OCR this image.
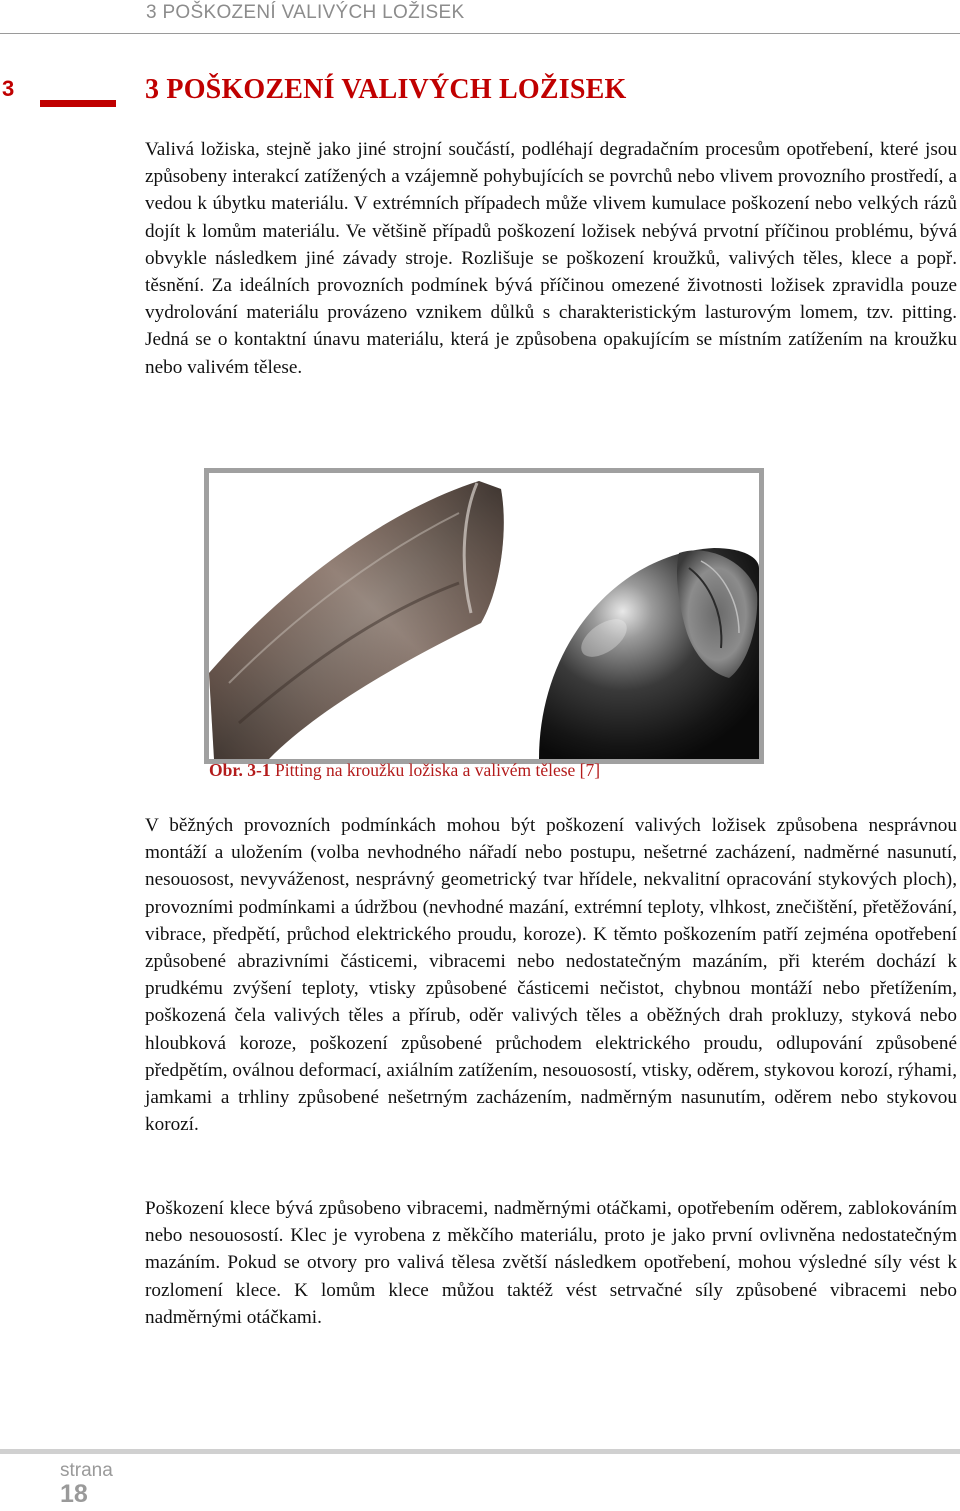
3 POŠKOZENÍ VALIVÝCH LOŽISEK
3	3 POŠKOZENÍ VALIVÝCH LOŽISEK

Valivá ložiska, stejně jako jiné strojní součástí, podléhají degradačním procesům opotřebení, které jsou způsobeny interakcí zatížených a vzájemně pohybujících se povrchů nebo vlivem provozního prostředí, a vedou k úbytku materiálu. V extrémních případech může vlivem kumulace poškození nebo velkých rázů dojít k lomům materiálu. Ve většině případů poškození ložisek nebývá prvotní příčinou problému, bývá obvykle následkem jiné závady stroje. Rozlišuje se poškození kroužků, valivých těles, klece a popř. těsnění. Za ideálních provozních podmínek bývá příčinou omezené životnosti ložisek zpravidla pouze vydrolování materiálu provázeno vznikem důlků s charakteristickým lasturovým lomem, tzv. pitting. Jedná se o kontaktní únavu materiálu, která je způsobena opakujícím se místním zatížením na kroužku nebo valivém tělese.

Obr. 3-1 Pitting na kroužku ložiska a valivém tělese [7]

V běžných provozních podmínkách mohou být poškození valivých ložisek způsobena nesprávnou montáží a uložením (volba nevhodného nářadí nebo postupu, nešetrné zacházení, nadměrné nasunutí, nesouosost, nevyváženost, nesprávný geometrický tvar hřídele, nekvalitní opracování stykových ploch), provozními podmínkami a údržbou (nevhodné mazání, extrémní teploty, vlhkost, znečištění, přetěžování, vibrace, předpětí, průchod elektrického proudu, koroze). K těmto poškozením patří zejména opotřebení způsobené abrazivními částicemi, vibracemi nebo nedostatečným mazáním, při kterém dochází k prudkému zvýšení teploty, vtisky způsobené částicemi nečistot, chybnou montáží nebo přetížením, poškozená čela valivých těles a přírub, oděr valivých těles a oběžných drah prokluzy, styková nebo hloubková koroze, poškození způsobené průchodem elektrického proudu, odlupování způsobené předpětím, oválnou deformací, axiálním zatížením, nesouosostí, vtisky, oděrem, stykovou korozí, rýhami, jamkami a trhliny způsobené nešetrným zacházením, nadměrným nasunutím, oděrem nebo stykovou korozí.

Poškození klece bývá způsobeno vibracemi, nadměrnými otáčkami, opotřebením oděrem, zablokováním nebo nesouosostí. Klec je vyrobena z měkčího materiálu, proto je jako první ovlivněna nedostatečným mazáním. Pokud se otvory pro valivá tělesa zvětší následkem opotřebení, mohou výsledné síly vést k rozlomení klece. K lomům klece můžou taktéž vést setrvačné síly způsobené vibracemi nebo nadměrnými otáčkami.

strana
18
